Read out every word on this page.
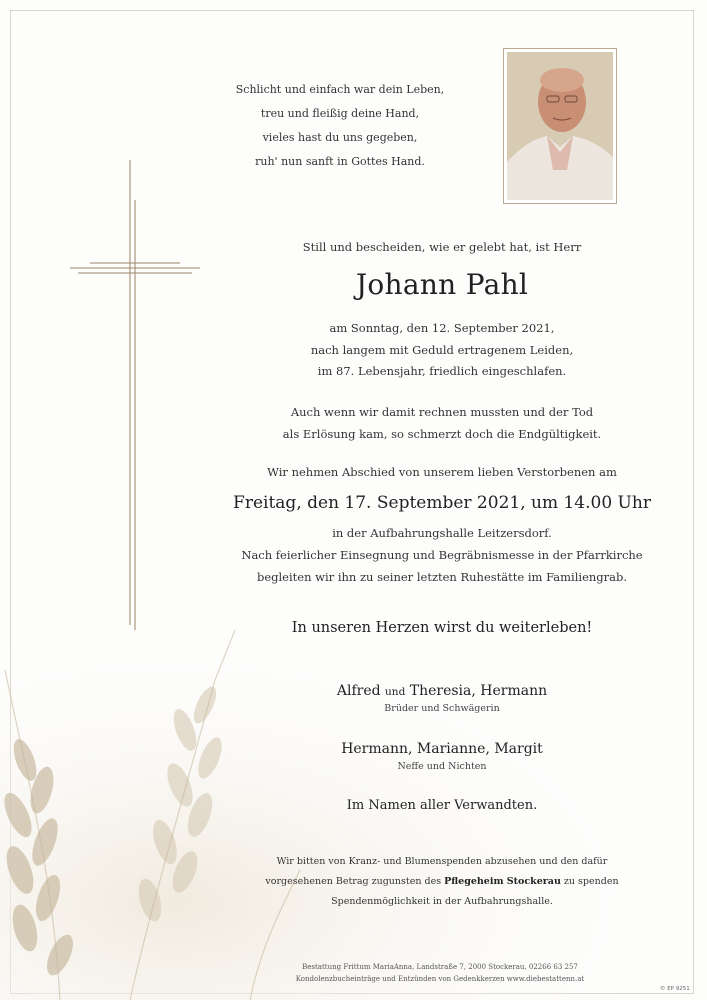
Schlicht und einfach war dein Leben,
treu und fleißig deine Hand,
vieles hast du uns gegeben,
ruh' nun sanft in Gottes Hand.
Still und bescheiden, wie er gelebt hat, ist Herr
Johann Pahl
am Sonntag, den 12. September 2021,
nach langem mit Geduld ertragenem Leiden,
im 87. Lebensjahr, friedlich eingeschlafen.
Auch wenn wir damit rechnen mussten und der Tod
als Erlösung kam, so schmerzt doch die Endgültigkeit.
Wir nehmen Abschied von unserem lieben Verstorbenen am
Freitag, den 17. September 2021, um 14.00 Uhr
in der Aufbahrungshalle Leitzersdorf.
Nach feierlicher Einsegnung und Begräbnismesse in der Pfarrkirche
begleiten wir ihn zu seiner letzten Ruhestätte im Familiengrab.
In unseren Herzen wirst du weiterleben!
Alfred und Theresia, Hermann
Brüder und Schwägerin
Hermann, Marianne, Margit
Neffe und Nichten
Im Namen aller Verwandten.
Wir bitten von Kranz- und Blumenspenden abzusehen und den dafür
vorgesehenen Betrag zugunsten des Pflegeheim Stockerau zu spenden
Spendenmöglichkeit in der Aufbahrungshalle.
Bestattung Frittum MariaAnna, Landstraße 7, 2000 Stockerau, 02266 63 257
Kondolenzbucheinträge und Entzünden von Gedenkkerzen www.diebestattenn.at
© EP 9251
